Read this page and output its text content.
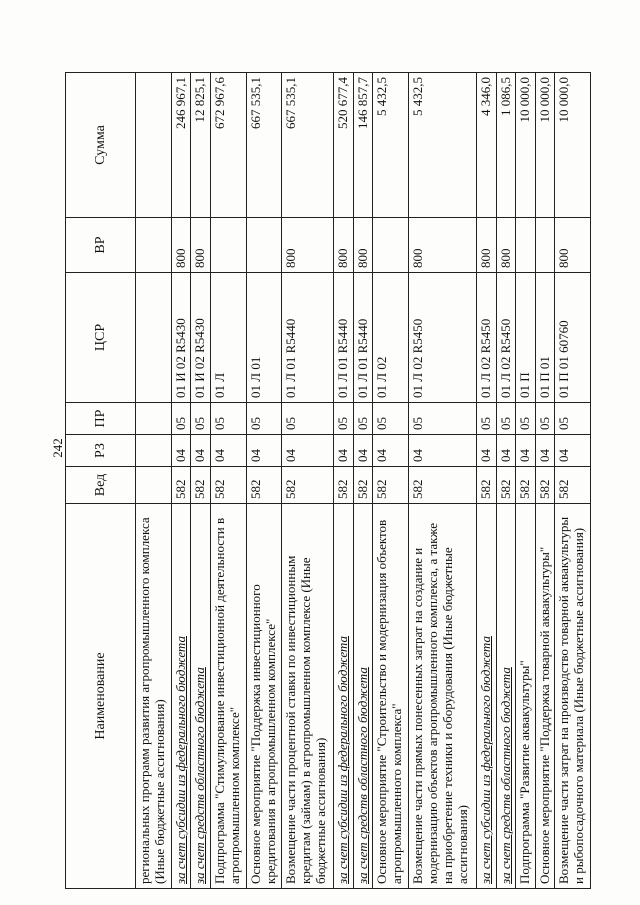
242
Наименование	Вед	РЗ	ПР	ЦСР	ВР	Сумма
региональных программ развития агропромышленного комплекса (Иные бюджетные ассигнования)						
за счет субсидии из федерального бюджета	582	04	05	01 И 02 R5430	800	246 967,1
за счет средств областного бюджета	582	04	05	01 И 02 R5430	800	12 825,1
Подпрограмма "Стимулирование инвестиционной деятельности в агропромышленном комплексе"	582	04	05	01 Л		672 967,6
Основное мероприятие "Поддержка инвестиционного кредитования в агропромышленном комплексе"	582	04	05	01 Л 01		667 535,1
Возмещение части процентной ставки по инвестиционным кредитам (займам) в агропромышленном комплексе (Иные бюджетные ассигнования)	582	04	05	01 Л 01 R5440	800	667 535,1
за счет субсидии из федерального бюджета	582	04	05	01 Л 01 R5440	800	520 677,4
за счет средств областного бюджета	582	04	05	01 Л 01 R5440	800	146 857,7
Основное мероприятие "Строительство и модернизация объектов агропромышленного комплекса"	582	04	05	01 Л 02		5 432,5
Возмещение части прямых понесенных затрат на создание и модернизацию объектов агропромышленного комплекса, а также на приобретение техники и оборудования (Иные бюджетные ассигнования)	582	04	05	01 Л 02 R5450	800	5 432,5
за счет субсидии из федерального бюджета	582	04	05	01 Л 02 R5450	800	4 346,0
за счет средств областного бюджета	582	04	05	01 Л 02 R5450	800	1 086,5
Подпрограмма "Развитие аквакультуры"	582	04	05	01 П		10 000,0
Основное мероприятие "Поддержка товарной аквакультуры"	582	04	05	01 П 01		10 000,0
Возмещение части затрат на производство товарной аквакультуры и рыбопосадочного материала (Иные бюджетные ассигнования)	582	04	05	01 П 01 60760	800	10 000,0
